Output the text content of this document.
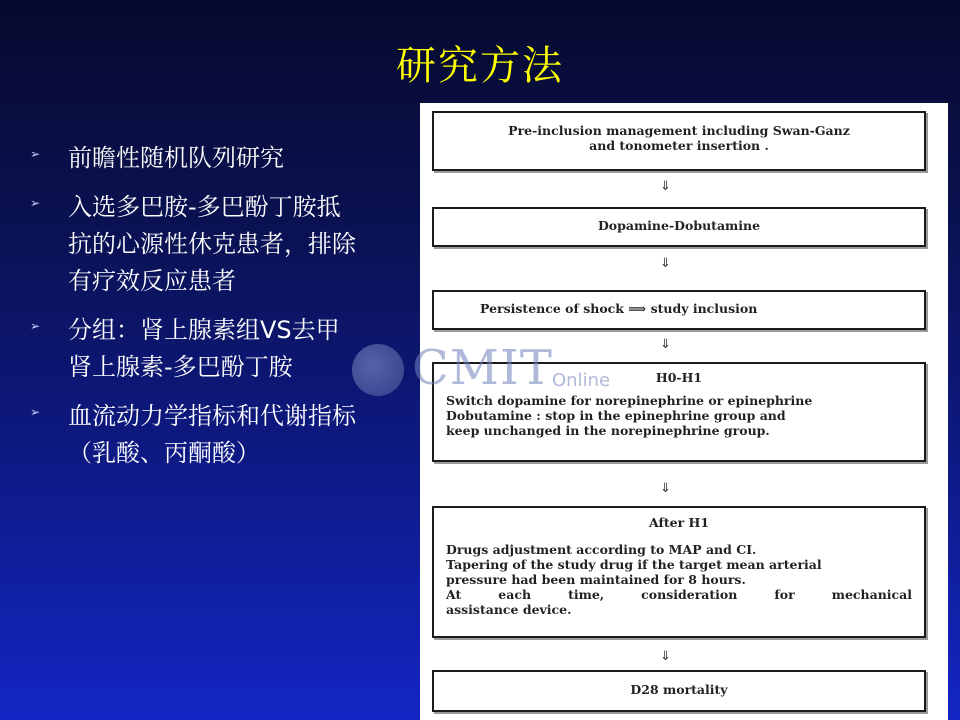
研究方法
➢ 前瞻性随机队列研究
➢ 入选多巴胺-多巴酚丁胺抵
抗的心源性休克患者，排除
有疗效反应患者
➢ 分组：肾上腺素组VS去甲
肾上腺素-多巴酚丁胺
➢ 血流动力学指标和代谢指标
（乳酸、丙酮酸）
Pre-inclusion management including Swan-Ganz
and tonometer insertion .
⇓
Dopamine-Dobutamine
⇓
Persistence of shock ⟹ study inclusion
⇓
H0-H1
Switch dopamine for norepinephrine or epinephrine
Dobutamine : stop in the epinephrine group and
keep unchanged in the norepinephrine group.
⇓
After H1
Drugs adjustment according to MAP and CI.
Tapering of the study drug if the target mean arterial
pressure had been maintained for 8 hours.
At each time, consideration for mechanical
assistance device.
⇓
D28 mortality
CMIT Online
